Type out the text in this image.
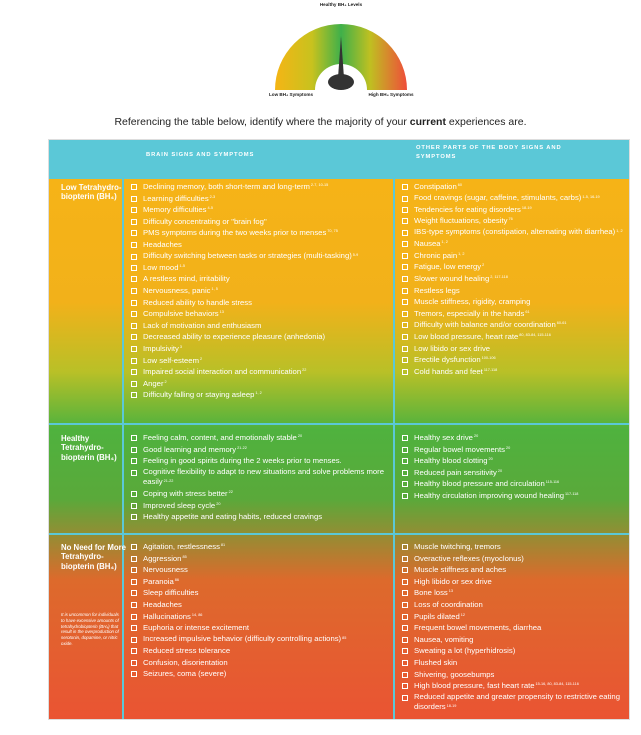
Healthy BH₄ Levels
Low BH₄ Symptoms	High BH₄ Symptoms
Referencing the table below, identify where the majority of your current experiences are.
BRAIN SIGNS AND SYMPTOMS
OTHER PARTS OF THE BODY SIGNS AND SYMPTOMS
Low Tetrahydro-biopterin (BH₄)
Declining memory, both short-term and long-term$^{2-7, 10-15}$
Learning difficulties$^{2-3}$
Memory difficulties$^{4-5}$
Difficulty concentrating or "brain fog"
PMS symptoms during the two weeks prior to menses$^{70, 75}$
Headaches
Difficulty switching between tasks or strategies (multi-tasking)$^{5-9}$
Low mood$^{1-5}$
A restless mind, irritability
Nervousness, panic$^{1, 5}$
Reduced ability to handle stress
Compulsive behaviors$^{13}$
Lack of motivation and enthusiasm
Decreased ability to experience pleasure (anhedonia)
Impulsivity$^3$
Low self-esteem$^2$
Impaired social interaction and communication$^{22}$
Anger$^2$
Difficulty falling or staying asleep$^{1, 2}$
Constipation$^{60}$
Food cravings (sugar, caffeine, stimulants, carbs)$^{1-5, 16-19}$
Tendencies for eating disorders$^{18-19}$
Weight fluctuations, obesity$^{76}$
IBS-type symptoms (constipation, alternating with diarrhea)$^{1, 2}$
Nausea$^{1, 2}$
Chronic pain$^{1, 2}$
Fatigue, low energy$^2$
Slower wound healing$^{2, 117-118}$
Restless legs
Muscle stiffness, rigidity, cramping
Tremors, especially in the hands$^{61}$
Difficulty with balance and/or coordination$^{60-61}$
Low blood pressure, heart rate$^{80, 83-84, 115-116}$
Low libido or sex drive
Erectile dysfunction$^{100-106}$
Cold hands and feet$^{117-118}$
Healthy Tetrahydro-biopterin (BH₄)
Feeling calm, content, and emotionally stable$^{20}$
Good learning and memory$^{21-22}$
Feeling in good spirits during the 2 weeks prior to menses.
Cognitive flexibility to adapt to new situations and solve problems more easily$^{21-22}$
Coping with stress better$^{22}$
Improved sleep cycle$^{20}$
Healthy appetite and eating habits, reduced cravings
Healthy sex drive$^{20}$
Regular bowel movements$^{20}$
Healthy blood clotting$^{20}$
Reduced pain sensitivity$^{20}$
Healthy blood pressure and circulation$^{115-116}$
Healthy circulation improving wound healing$^{117-118}$
No Need for More Tetrahydro-biopterin (BH₄)
It is uncommon for individuals to have excessive amounts of tetrahydrobiopterin (BH₄) that result in the overproduction of serotonin, dopamine, or nitric oxide.
Agitation, restlessness$^{81}$
Aggression$^{85}$
Nervousness
Paranoia$^{86}$
Sleep difficulties
Headaches
Hallucinations$^{14, 86}$
Euphoria or intense excitement
Increased impulsive behavior (difficulty controlling actions)$^{85}$
Reduced stress tolerance
Confusion, disorientation
Seizures, coma (severe)
Muscle twitching, tremors
Overactive reflexes (myoclonus)
Muscle stiffness and aches
High libido or sex drive
Bone loss$^{13}$
Loss of coordination
Pupils dilated$^{12}$
Frequent bowel movements, diarrhea
Nausea, vomiting
Sweating a lot (hyperhidrosis)
Flushed skin
Shivering, goosebumps
High blood pressure, fast heart rate$^{15-16, 80, 83-84, 115-116}$
Reduced appetite and greater propensity to restrictive eating disorders$^{18-19}$
